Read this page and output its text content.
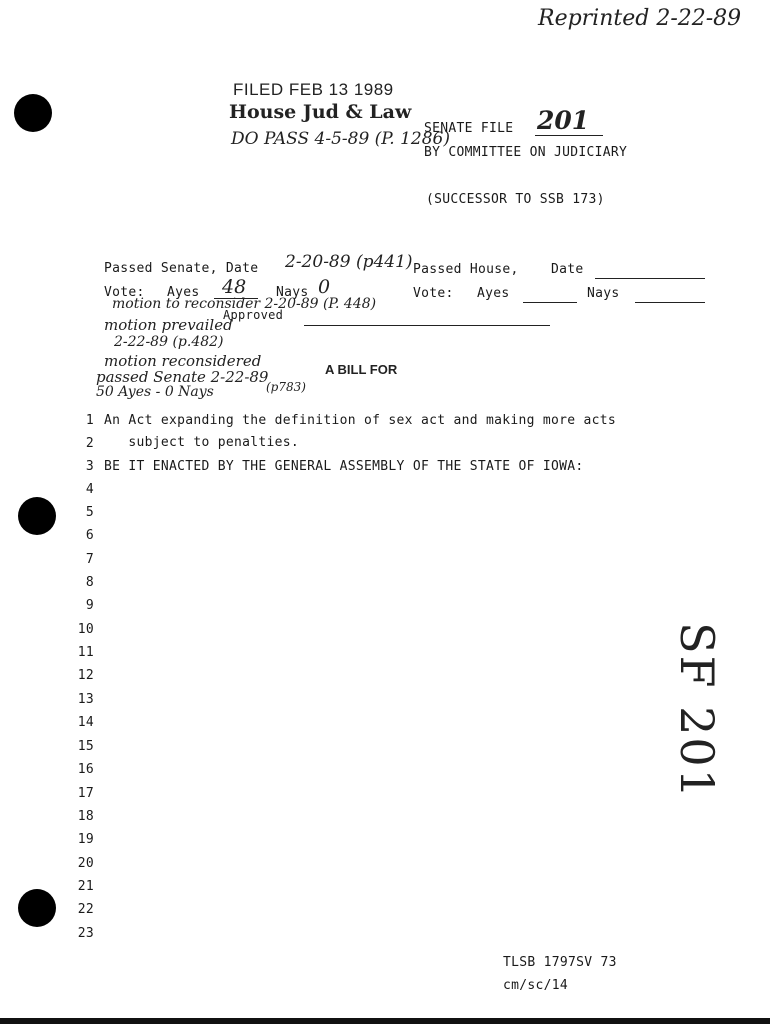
Reprinted 2-22-89
FILED FEB 13 1989
House Jud & Law
DO PASS 4-5-89 (P. 1286)
SENATE FILE 201
BY COMMITTEE ON JUDICIARY
(SUCCESSOR TO SSB 173)
Passed Senate, Date 2-20-89 (p441)
Vote: Ayes	48	Nays 0
motion to reconsider 2-20-89 (P. 448)
Approved
motion prevailed
2-22-89 (p.482)
motion reconsidered
passed Senate 2-22-89
(p783)
50 Ayes - 0 Nays
A BILL FOR
Passed House, Date
Vote: Ayes	Nays
1 An Act expanding the definition of sex act and making more acts
2 subject to penalties.
3 BE IT ENACTED BY THE GENERAL ASSEMBLY OF THE STATE OF IOWA:
4
5
6
7
8
9
10
11
12
13
14
15
16
17
18
19
20
21
22
23
SF 201
TLSB 1797SV 73
cm/sc/14
